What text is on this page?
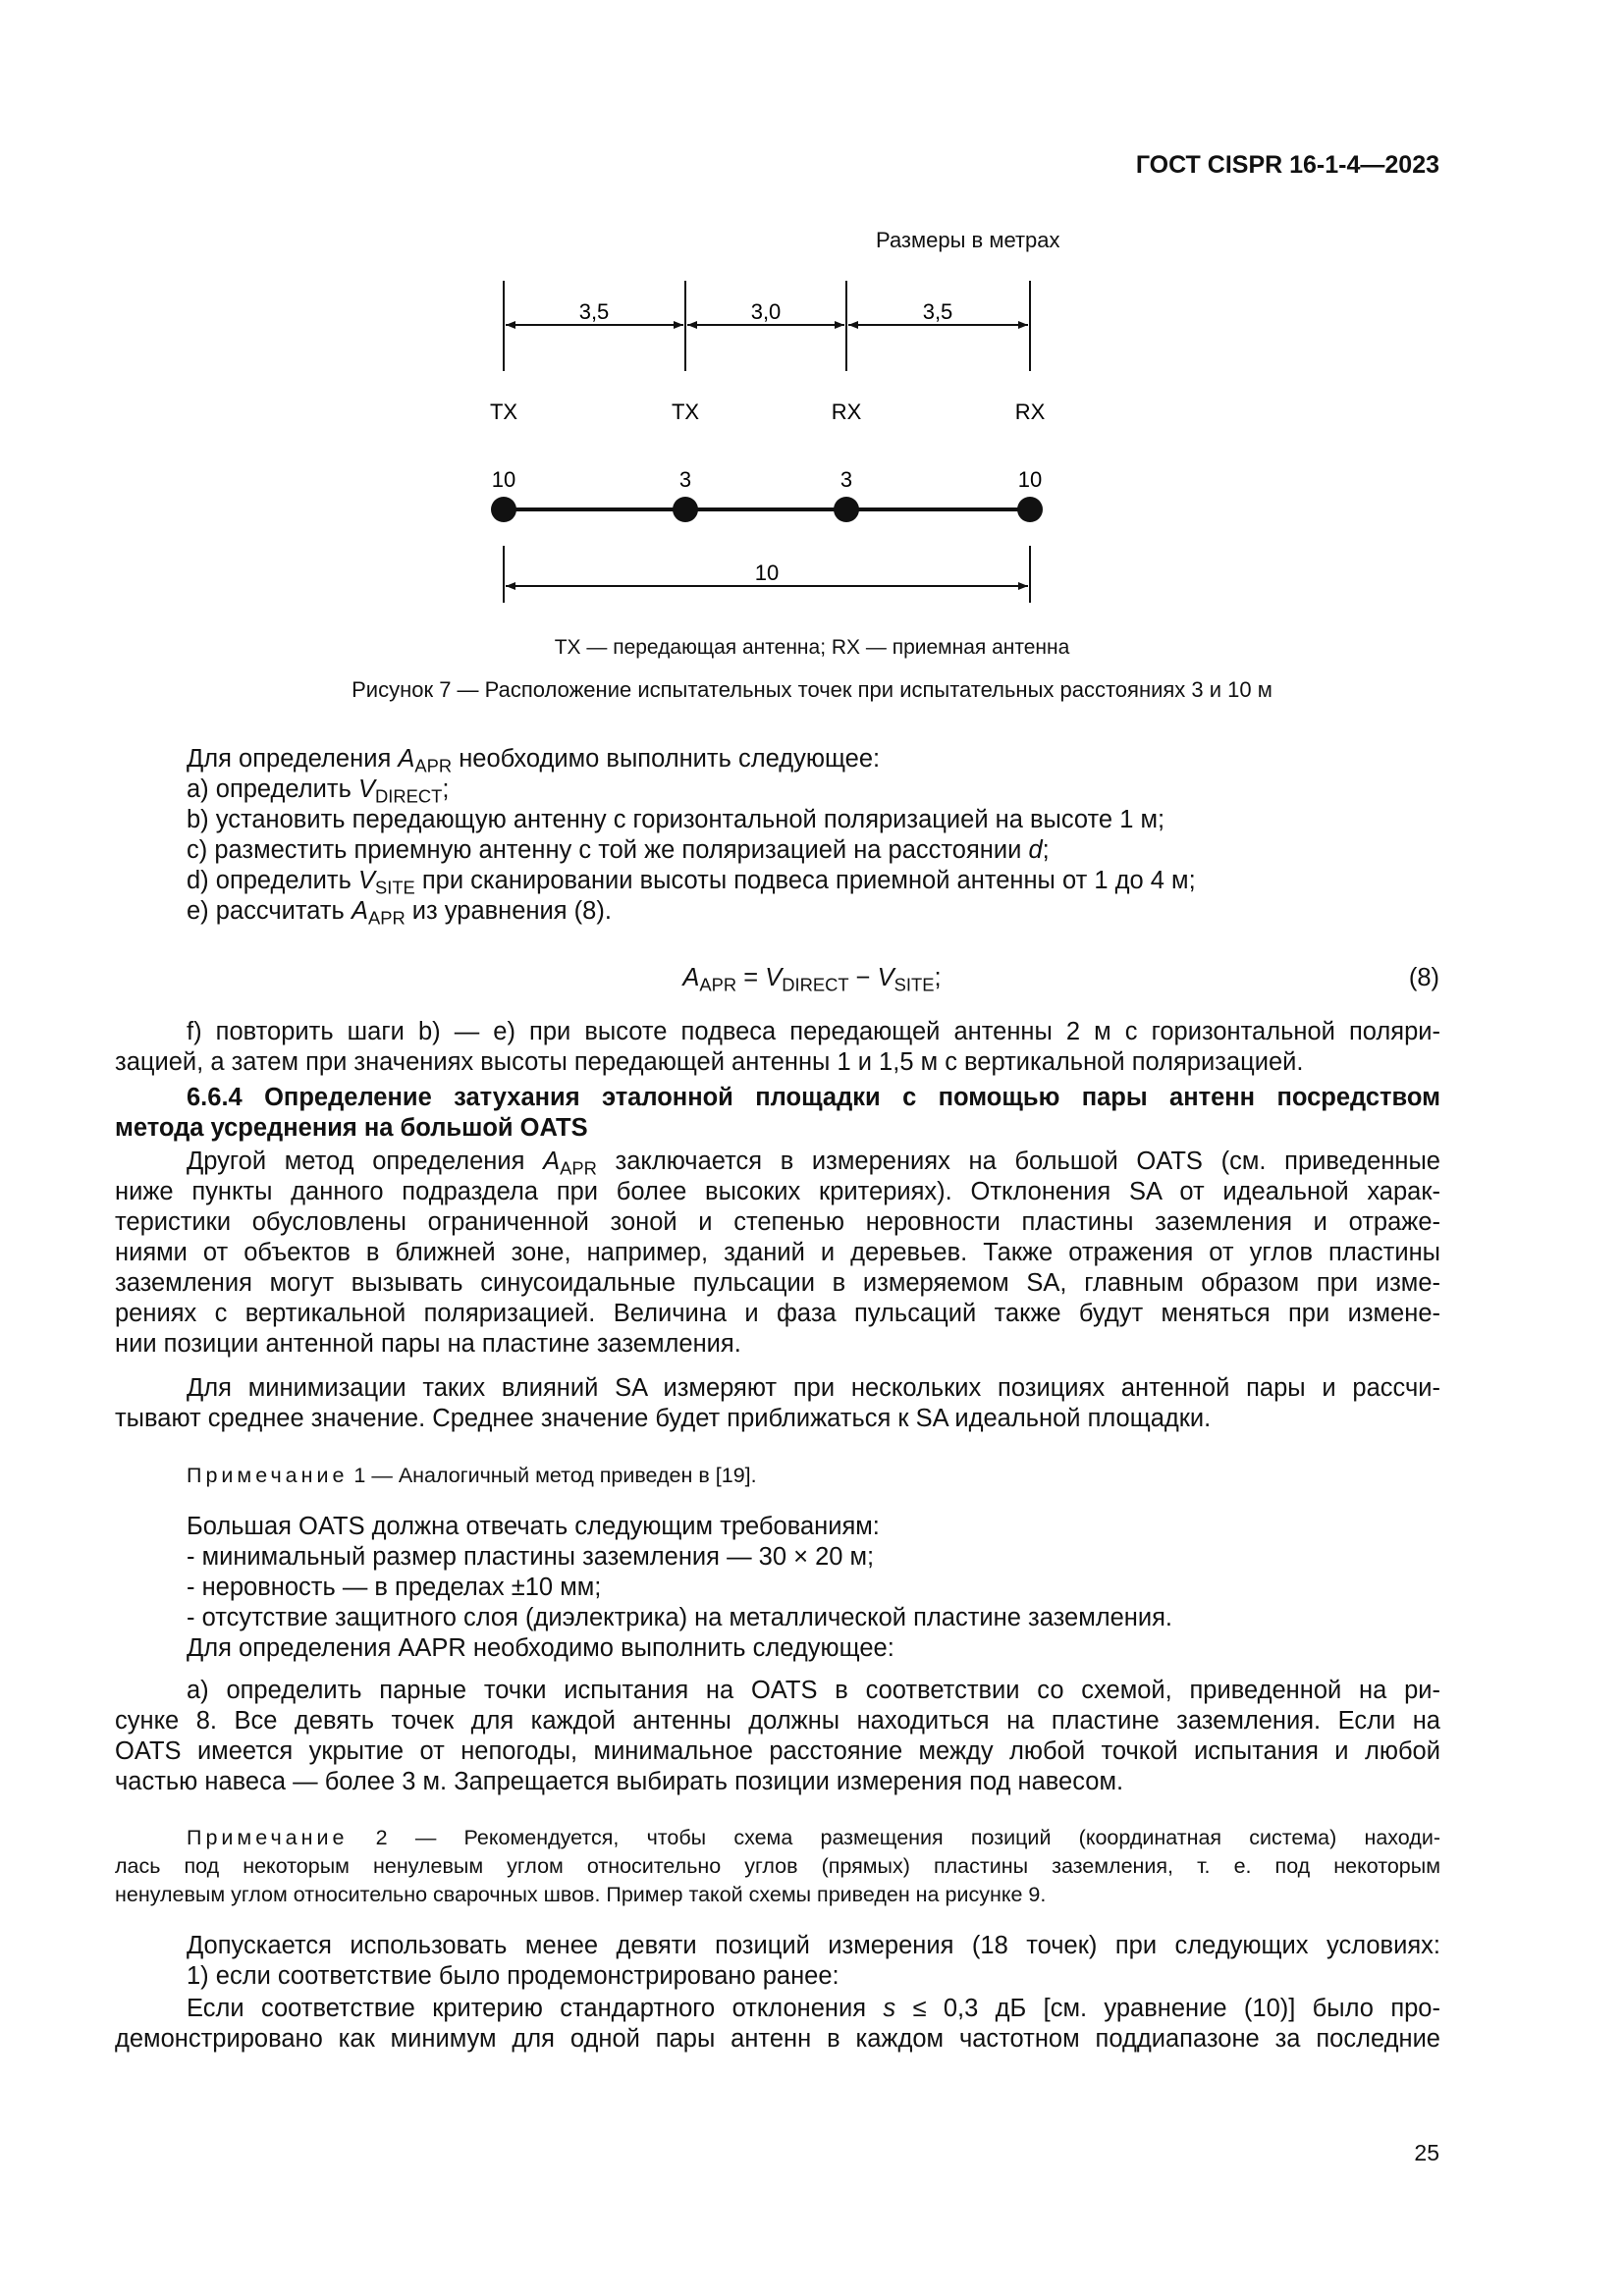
ГОСТ CISPR 16-1-4—2023
Размеры в метрах
3,5	3,0	3,5
TX	TX	RX	RX
10	3	3	10
10
TX — передающая антенна; RX — приемная антенна
Рисунок 7 — Расположение испытательных точек при испытательных расстояниях 3 и 10 м
Для определения $A_{APR}$ необходимо выполнить следующее:
а) определить $V_{DIRECT}$;
b) установить передающую антенну с горизонтальной поляризацией на высоте 1 м;
c) разместить приемную антенну с той же поляризацией на расстоянии d;
d) определить $V_{SITE}$ при сканировании высоты подвеса приемной антенны от 1 до 4 м;
е) рассчитать $A_{APR}$ из уравнения (8).
$A_{APR} = V_{DIRECT} - V_{SITE}$;	(8)
f) повторить шаги b) — e) при высоте подвеса передающей антенны 2 м с горизонтальной поляри-
зацией, а затем при значениях высоты передающей антенны 1 и 1,5 м с вертикальной поляризацией.
6.6.4 Определение затухания эталонной площадки с помощью пары антенн посредством
метода усреднения на большой OATS
Другой метод определения $A_{APR}$ заключается в измерениях на большой OATS (см. приведенные
ниже пункты данного подраздела при более высоких критериях). Отклонения SA от идеальной харак-
теристики обусловлены ограниченной зоной и степенью неровности пластины заземления и отраже-
ниями от объектов в ближней зоне, например, зданий и деревьев. Также отражения от углов пластины
заземления могут вызывать синусоидальные пульсации в измеряемом SA, главным образом при изме-
рениях с вертикальной поляризацией. Величина и фаза пульсаций также будут меняться при измене-
нии позиции антенной пары на пластине заземления.
Для минимизации таких влияний SA измеряют при нескольких позициях антенной пары и рассчи-
тывают среднее значение. Среднее значение будет приближаться к SA идеальной площадки.
Примечание 1 — Аналогичный метод приведен в [19].
Большая OATS должна отвечать следующим требованиям:
- минимальный размер пластины заземления — 30 × 20 м;
- неровность — в пределах ±10 мм;
- отсутствие защитного слоя (диэлектрика) на металлической пластине заземления.
Для определения AAPR необходимо выполнить следующее:
а) определить парные точки испытания на OATS в соответствии со схемой, приведенной на ри-
сунке 8. Все девять точек для каждой антенны должны находиться на пластине заземления. Если на
OATS имеется укрытие от непогоды, минимальное расстояние между любой точкой испытания и любой
частью навеса — более 3 м. Запрещается выбирать позиции измерения под навесом.
Примечание 2 — Рекомендуется, чтобы схема размещения позиций (координатная система) находи-
лась под некоторым ненулевым углом относительно углов (прямых) пластины заземления, т. е. под некоторым
ненулевым углом относительно сварочных швов. Пример такой схемы приведен на рисунке 9.
Допускается использовать менее девяти позиций измерения (18 точек) при следующих условиях:
1) если соответствие было продемонстрировано ранее:
Если соответствие критерию стандартного отклонения s ≤ 0,3 дБ [см. уравнение (10)] было про-
демонстрировано как минимум для одной пары антенн в каждом частотном поддиапазоне за последние
25
